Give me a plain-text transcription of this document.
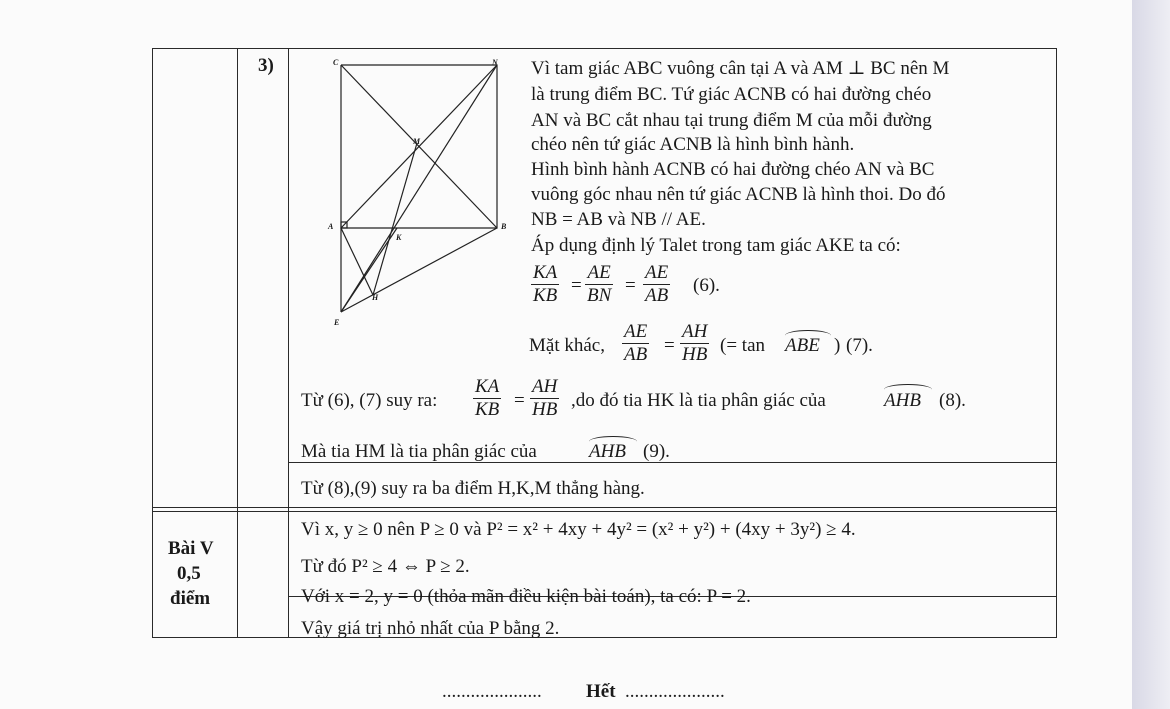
3)	C	N
M
A	B
K
H
E
Vì tam giác ABC vuông cân tại A và AM ⊥ BC nên M
là trung điểm BC. Tứ giác ACNB có hai đường chéo
AN và BC cắt nhau tại trung điểm M của mỗi đường
chéo nên tứ giác ACNB là hình bình hành.
Hình bình hành ACNB có hai đường chéo AN và BC
vuông góc nhau nên tứ giác ACNB là hình thoi. Do đó
NB = AB và NB // AE.
Áp dụng định lý Talet trong tam giác AKE ta có:
$\frac{KA}{KB} = \frac{AE}{BN} = \frac{AE}{AB} (6)$.
Mặt khác, $\frac{AE}{AB} = \frac{AH}{HB}$ (= tan ABE ) (7).
Từ (6), (7) suy ra: $\frac{KA}{KB} = \frac{AH}{HB} ,do$ đó tia HK là tia phân giác của	AHB (8).
Mà tia HM là tia phân giác của	AHB (9).
Từ (8),(9) suy ra ba điểm H,K,M thẳng hàng.
Bài V
0,5
điểm
Vì x, y ≥ 0 nên P ≥ 0 và P² = x² + 4xy + 4y² = (x² + y²) + (4xy + 3y²) ≥ 4.
Từ đó P² ≥ 4 ⇔ P ≥ 2.
Với x = 2, y = 0 (thỏa mãn điều kiện bài toán), ta có: P = 2.
Vậy giá trị nhỏ nhất của P bằng 2.
..................... Hết .....................
